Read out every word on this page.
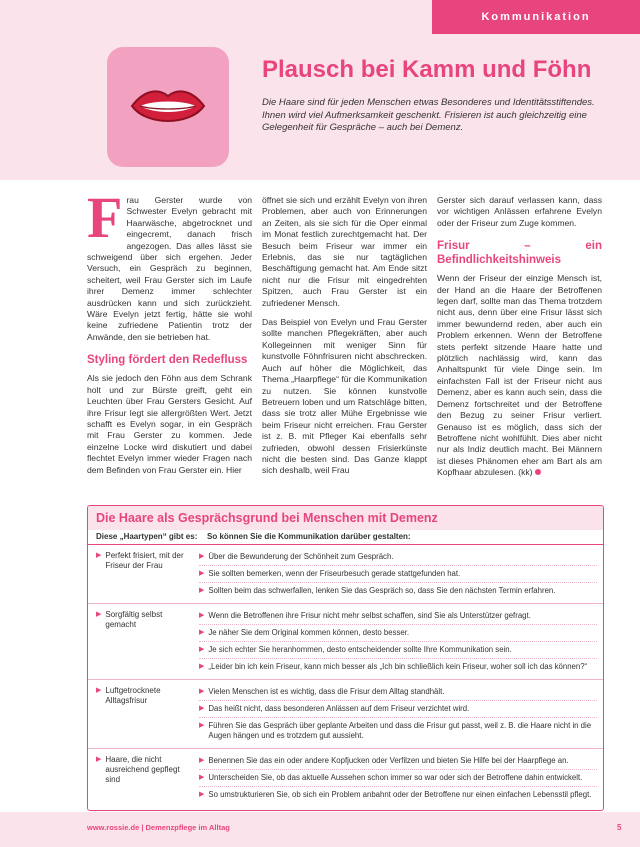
Kommunikation
Plausch bei Kamm und Föhn

Die Haare sind für jeden Menschen etwas Besonderes und Identitätsstiftendes. Ihnen wird viel Aufmerksamkeit geschenkt. Frisieren ist auch gleichzeitig eine Gelegenheit für Gespräche – auch bei Demenz.

Frau Gerster wurde von Schwester Evelyn gebracht mit Haarwäsche, abgetrocknet und eingecremt, danach frisch angezogen. Das alles lässt sie schweigend über sich ergehen. Jeder Versuch, ein Gespräch zu beginnen, scheitert, weil Frau Gerster sich im Laufe ihrer Demenz immer schlechter ausdrücken kann und sich zurückzieht. Wäre Evelyn jetzt fertig, hätte sie wohl keine zufriedene Patientin trotz der Anwände, den sie betrieben hat.

Styling fördert den Redefluss

Als sie jedoch den Föhn aus dem Schrank holt und zur Bürste greift, geht ein Leuchten über Frau Gersters Gesicht. Auf ihre Frisur legt sie allergrößten Wert. Jetzt schafft es Evelyn sogar, in ein Gespräch mit Frau Gerster zu kommen. Jede einzelne Locke wird diskutiert und dabei flechtet Evelyn immer wieder Fragen nach dem Befinden von Frau Gerster ein. Hier

öffnet sie sich und erzählt Evelyn von ihren Problemen, aber auch von Erinnerungen an Zeiten, als sie sich für die Oper einmal im Monat festlich zurechtgemacht hat. Der Besuch beim Friseur war immer ein Erlebnis, das sie nur tagtäglichen Beschäftigung gemacht hat. Am Ende sitzt nicht nur die Frisur mit eingedrehten Spitzen, auch Frau Gerster ist ein zufriedener Mensch.

Das Beispiel von Evelyn und Frau Gerster sollte manchen Pflegekräften, aber auch Kollegeinnen mit weniger Sinn für kunstvolle Föhnfrisuren nicht abschrecken. Auch auf höher die Möglichkeit, das Thema „Haarpflege“ für die Kommunikation zu nutzen. Sie können kunstvolle Betreuern loben und um Ratschläge bitten, dass sie trotz aller Mühe Ergebnisse wie beim Friseur nicht erreichen. Frau Gerster ist z. B. mit Pfleger Kai ebenfalls sehr zufrieden, obwohl dessen Frisierkünste nicht die besten sind. Das Ganze klappt sich deshalb, weil Frau

Gerster sich darauf verlassen kann, dass vor wichtigen Anlässen erfahrene Evelyn oder der Friseur zum Zuge kommen.

Frisur – ein Befindlichkeitshinweis

Wenn der Friseur der einzige Mensch ist, der Hand an die Haare der Betroffenen legen darf, sollte man das Thema trotzdem nicht aus, denn über eine Frisur lässt sich immer bewundernd reden, aber auch ein Problem erkennen. Wenn der Betroffene stets perfekt sitzende Haare hatte und plötzlich nachlässig wird, kann das Anhaltspunkt für viele Dinge sein. Im einfachsten Fall ist der Friseur nicht aus Demenz, aber es kann auch sein, dass die Demenz fortschreitet und der Betroffene den Bezug zu seiner Frisur verliert. Genauso ist es möglich, dass sich der Betroffene nicht wohlfühlt. Dies aber nicht nur als Indiz deutlich macht. Bei Männern ist dieses Phänomen eher am Bart als am Kopfhaar abzulesen. (kk)

Die Haare als Gesprächsgrund bei Menschen mit Demenz
Diese „Haartypen“ gibt es:	So können Sie die Kommunikation darüber gestalten:
▶ Perfekt frisiert, mit der Friseur der Frau
▶ Über die Bewunderung der Schönheit zum Gespräch.
▶ Sie sollten bemerken, wenn der Friseurbesuch gerade stattgefunden hat.
▶ Sollten beim das schwerfallen, lenken Sie das Gespräch so, dass Sie den nächsten Termin erfahren.
▶ Sorgfältig selbst gemacht
▶ Wenn die Betroffenen ihre Frisur nicht mehr selbst schaffen, sind Sie als Unterstützer gefragt.
▶ Je näher Sie dem Original kommen können, desto besser.
▶ Je sich echter Sie heranhommen, desto entscheidender sollte Ihre Kommunikation sein.
▶ „Leider bin ich kein Friseur, kann mich besser als „Ich bin schließlich kein Friseur, woher soll ich das können?“
▶ Luftgetrocknete Alltagsfrisur
▶ Vielen Menschen ist es wichtig, dass die Frisur dem Alltag standhält.
▶ Das heißt nicht, dass besonderen Anlässen auf dem Friseur verzichtet wird.
▶ Führen Sie das Gespräch über geplante Arbeiten und dass die Frisur gut passt, weil z. B. die Haare nicht in die Augen hängen und es trotzdem gut aussieht.
▶ Haare, die nicht ausreichend gepflegt sind
▶ Benennen Sie das ein oder andere Kopfjucken oder Verfilzen und bieten Sie Hilfe bei der Haarpflege an.
▶ Unterscheiden Sie, ob das aktuelle Aussehen schon immer so war oder sich der Betroffene dahin entwickelt.
▶ So umstrukturieren Sie, ob sich ein Problem anbahnt oder der Betroffene nur einen einfachen Lebensstil pflegt.
www.rossie.de | Demenzpflege im Alltag	5
